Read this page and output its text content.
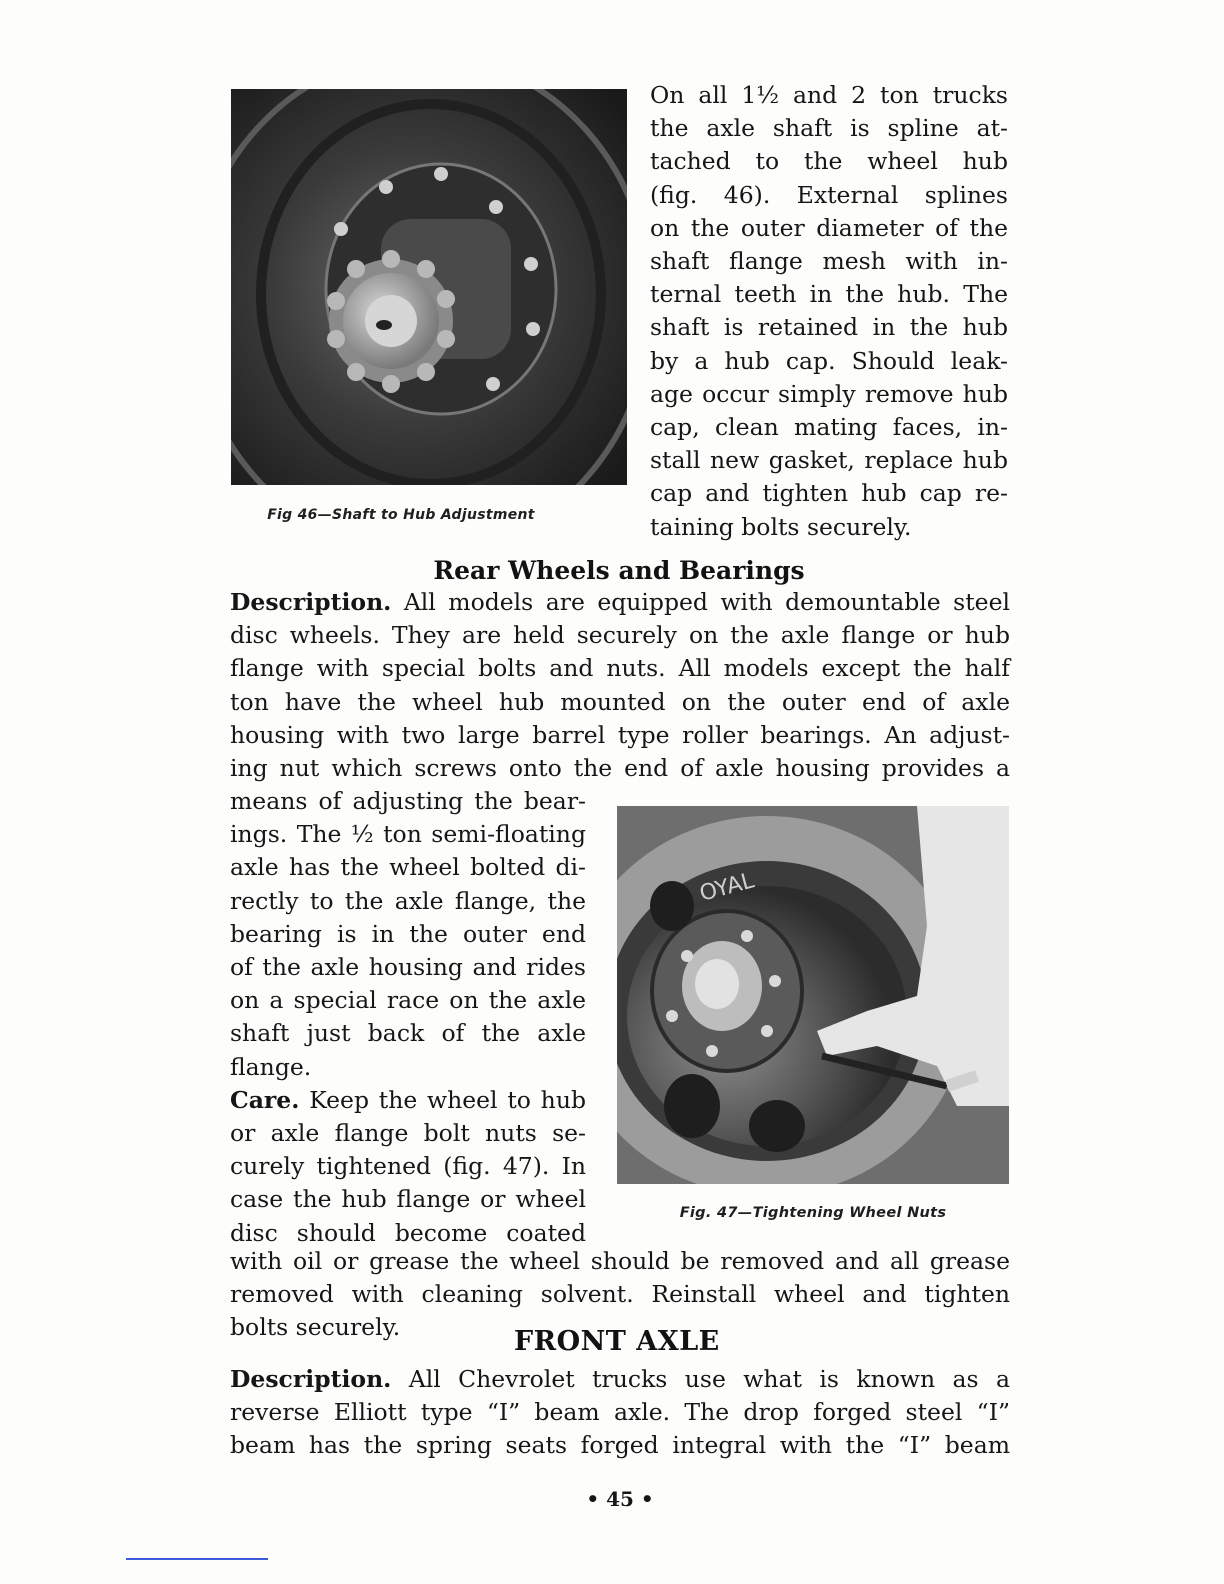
Fig 46—Shaft to Hub Adjustment
On all 1½ and 2 ton trucks
the axle shaft is spline at-
tached to the wheel hub
(fig. 46). External splines
on the outer diameter of the
shaft flange mesh with in-
ternal teeth in the hub. The
shaft is retained in the hub
by a hub cap. Should leak-
age occur simply remove hub
cap, clean mating faces, in-
stall new gasket, replace hub
cap and tighten hub cap re-
taining bolts securely.
Rear Wheels and Bearings
Description. All models are equipped with demountable steel
disc wheels. They are held securely on the axle flange or hub
flange with special bolts and nuts. All models except the half
ton have the wheel hub mounted on the outer end of axle
housing with two large barrel type roller bearings. An adjust-
ing nut which screws onto the end of axle housing provides a
means of adjusting the bear-
ings. The ½ ton semi-floating
axle has the wheel bolted di-
rectly to the axle flange, the
bearing is in the outer end
of the axle housing and rides
on a special race on the axle
shaft just back of the axle
flange.
Care. Keep the wheel to hub
or axle flange bolt nuts se-
curely tightened (fig. 47). In
case the hub flange or wheel
disc should become coated
OYAL
Fig. 47—Tightening Wheel Nuts
with oil or grease the wheel should be removed and all grease
removed with cleaning solvent. Reinstall wheel and tighten
bolts securely.	FRONT AXLE
Description. All Chevrolet trucks use what is known as a
reverse Elliott type “I” beam axle. The drop forged steel “I”
beam has the spring seats forged integral with the “I” beam
• 45 •
